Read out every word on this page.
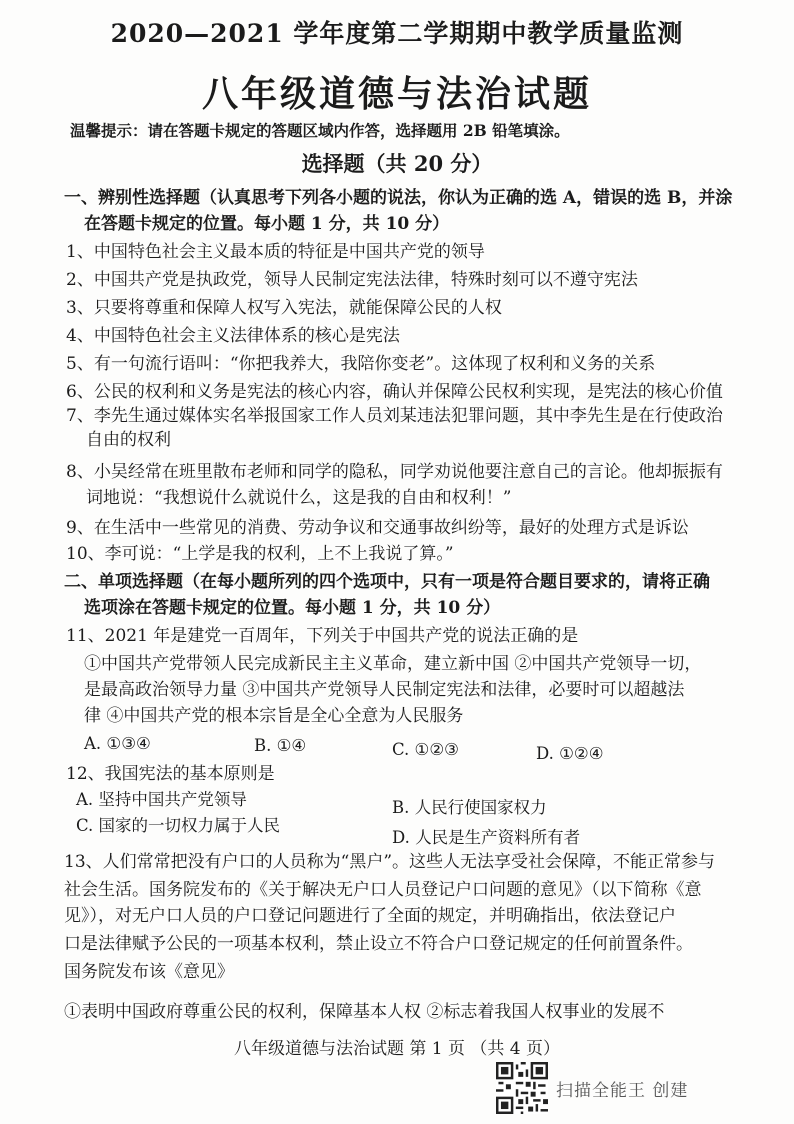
2020—2021 学年度第二学期期中教学质量监测
八年级道德与法治试题
温馨提示：请在答题卡规定的答题区域内作答，选择题用 2B 铅笔填涂。
选择题（共 20 分）
一、辨别性选择题（认真思考下列各小题的说法，你认为正确的选 A，错误的选 B，并涂
在答题卡规定的位置。每小题 1 分，共 10 分）
1、中国特色社会主义最本质的特征是中国共产党的领导
2、中国共产党是执政党，领导人民制定宪法法律，特殊时刻可以不遵守宪法
3、只要将尊重和保障人权写入宪法，就能保障公民的人权
4、中国特色社会主义法律体系的核心是宪法
5、有一句流行语叫：“你把我养大，我陪你变老”。这体现了权利和义务的关系
6、公民的权利和义务是宪法的核心内容，确认并保障公民权利实现，是宪法的核心价值
7、李先生通过媒体实名举报国家工作人员刘某违法犯罪问题，其中李先生是在行使政治
自由的权利
8、小吴经常在班里散布老师和同学的隐私，同学劝说他要注意自己的言论。他却振振有
词地说：“我想说什么就说什么，这是我的自由和权利！”
9、在生活中一些常见的消费、劳动争议和交通事故纠纷等，最好的处理方式是诉讼
10、李可说：“上学是我的权利，上不上我说了算。”
二、单项选择题（在每小题所列的四个选项中，只有一项是符合题目要求的，请将正确
选项涂在答题卡规定的位置。每小题 1 分，共 10 分）
11、2021 年是建党一百周年，下列关于中国共产党的说法正确的是
①中国共产党带领人民完成新民主主义革命，建立新中国 ②中国共产党领导一切，
是最高政治领导力量 ③中国共产党领导人民制定宪法和法律，必要时可以超越法
律 ④中国共产党的根本宗旨是全心全意为人民服务
A. ①③④	B. ①④	C. ①②③	D. ①②④
12、我国宪法的基本原则是
A. 坚持中国共产党领导	B. 人民行使国家权力
C. 国家的一切权力属于人民
D. 人民是生产资料所有者
13、人们常常把没有户口的人员称为“黑户”。这些人无法享受社会保障，不能正常参与
社会生活。国务院发布的《关于解决无户口人员登记户口问题的意见》（以下简称《意
见》），对无户口人员的户口登记问题进行了全面的规定，并明确指出，依法登记户
口是法律赋予公民的一项基本权利，禁止设立不符合户口登记规定的任何前置条件。
国务院发布该《意见》
①表明中国政府尊重公民的权利，保障基本人权 ②标志着我国人权事业的发展不
八年级道德与法治试题 第 1 页 （共 4 页）
扫描全能王 创建
